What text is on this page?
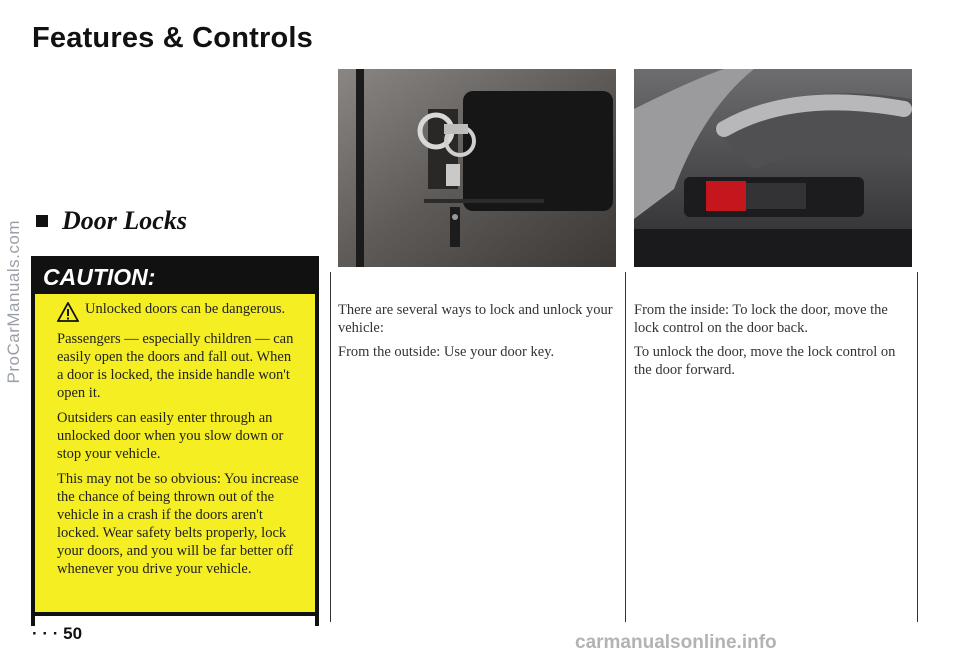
Features & Controls
Door Locks
CAUTION:
Unlocked doors can be dangerous.

Passengers — especially children — can easily open the doors and fall out. When a door is locked, the inside handle won't open it.

Outsiders can easily enter through an unlocked door when you slow down or stop your vehicle.

This may not be so obvious: You increase the chance of being thrown out of the vehicle in a crash if the doors aren't locked. Wear safety belts properly, lock your doors, and you will be far better off whenever you drive your vehicle.

· · · 50

There are several ways to lock and unlock your vehicle:

From the outside: Use your door key.

From the inside: To lock the door, move the lock control on the door back.

To unlock the door, move the lock control on the door forward.

ProCarManuals.com
carmanualsonline.info
